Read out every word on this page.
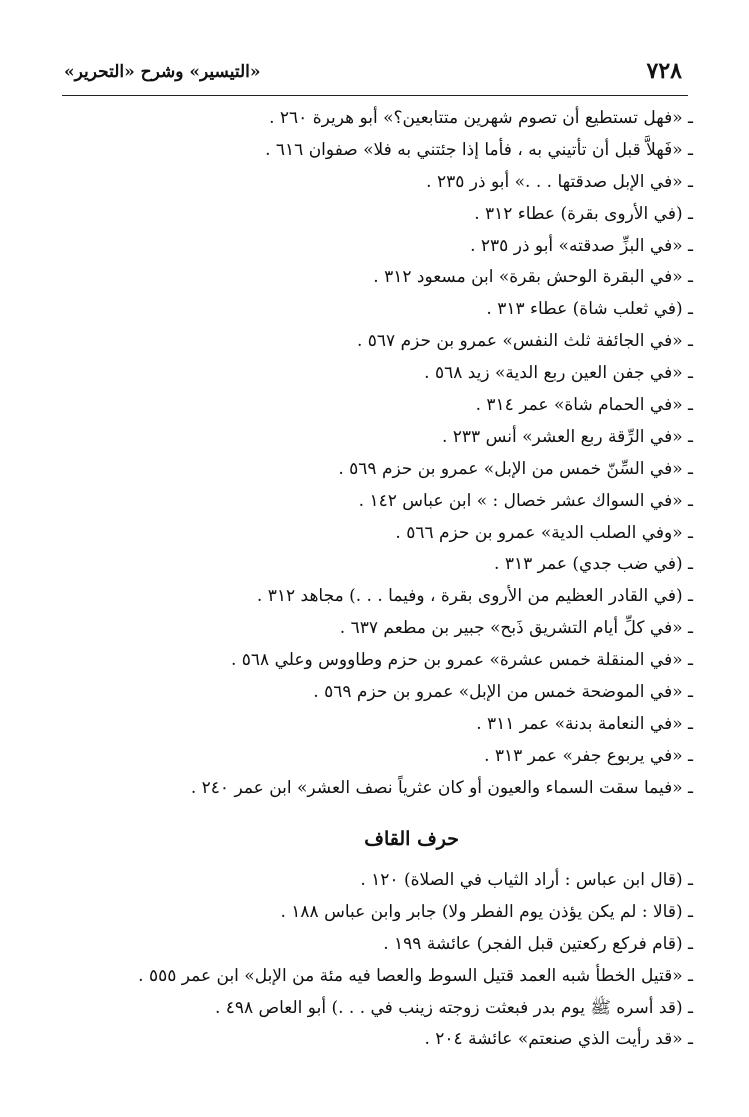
٧٢٨
«التيسير» وشرح «التحرير»
ـ «فهل تستطيع أن تصوم شهرين متتابعين؟» أبو هريرة ٢٦٠ .
ـ «فَهلاَّ قبل أن تأتيني به ، فأما إذا جئتني به فلا» صفوان ٦١٦ .
ـ «في الإبل صدقتها . . .» أبو ذر ٢٣٥ .
ـ (في الأروى بقرة) عطاء ٣١٢ .
ـ «في البزِّ صدقته» أبو ذر ٢٣٥ .
ـ «في البقرة الوحش بقرة» ابن مسعود ٣١٢ .
ـ (في ثعلب شاة) عطاء ٣١٣ .
ـ «في الجائفة ثلث النفس» عمرو بن حزم ٥٦٧ .
ـ «في جفن العين ربع الدية» زيد ٥٦٨ .
ـ «في الحمام شاة» عمر ٣١٤ .
ـ «في الرِّقة ربع العشر» أنس ٢٣٣ .
ـ «في السِّنّ خمس من الإبل» عمرو بن حزم ٥٦٩ .
ـ «في السواك عشر خصال : » ابن عباس ١٤٢ .
ـ «وفي الصلب الدية» عمرو بن حزم ٥٦٦ .
ـ (في ضب جدي) عمر ٣١٣ .
ـ (في القادر العظيم من الأروى بقرة ، وفيما . . .) مجاهد ٣١٢ .
ـ «في كلِّ أيام التشريق ذَبح» جبير بن مطعم ٦٣٧ .
ـ «في المنقلة خمس عشرة» عمرو بن حزم وطاووس وعلي ٥٦٨ .
ـ «في الموضحة خمس من الإبل» عمرو بن حزم ٥٦٩ .
ـ «في النعامة بدنة» عمر ٣١١ .
ـ «في يربوع جفر» عمر ٣١٣ .
ـ «فيما سقت السماء والعيون أو كان عثرياً نصف العشر» ابن عمر ٢٤٠ .
حرف القاف
ـ (قال ابن عباس : أراد الثياب في الصلاة) ١٢٠ .
ـ (قالا : لم يكن يؤذن يوم الفطر ولا) جابر وابن عباس ١٨٨ .
ـ (قام فركع ركعتين قبل الفجر) عائشة ١٩٩ .
ـ «قتيل الخطأ شبه العمد قتيل السوط والعصا فيه مئة من الإبل» ابن عمر ٥٥٥ .
ـ (قد أسره ﷺ يوم بدر فبعثت زوجته زينب في . . .) أبو العاص ٤٩٨ .
ـ «قد رأيت الذي صنعتم» عائشة ٢٠٤ .
